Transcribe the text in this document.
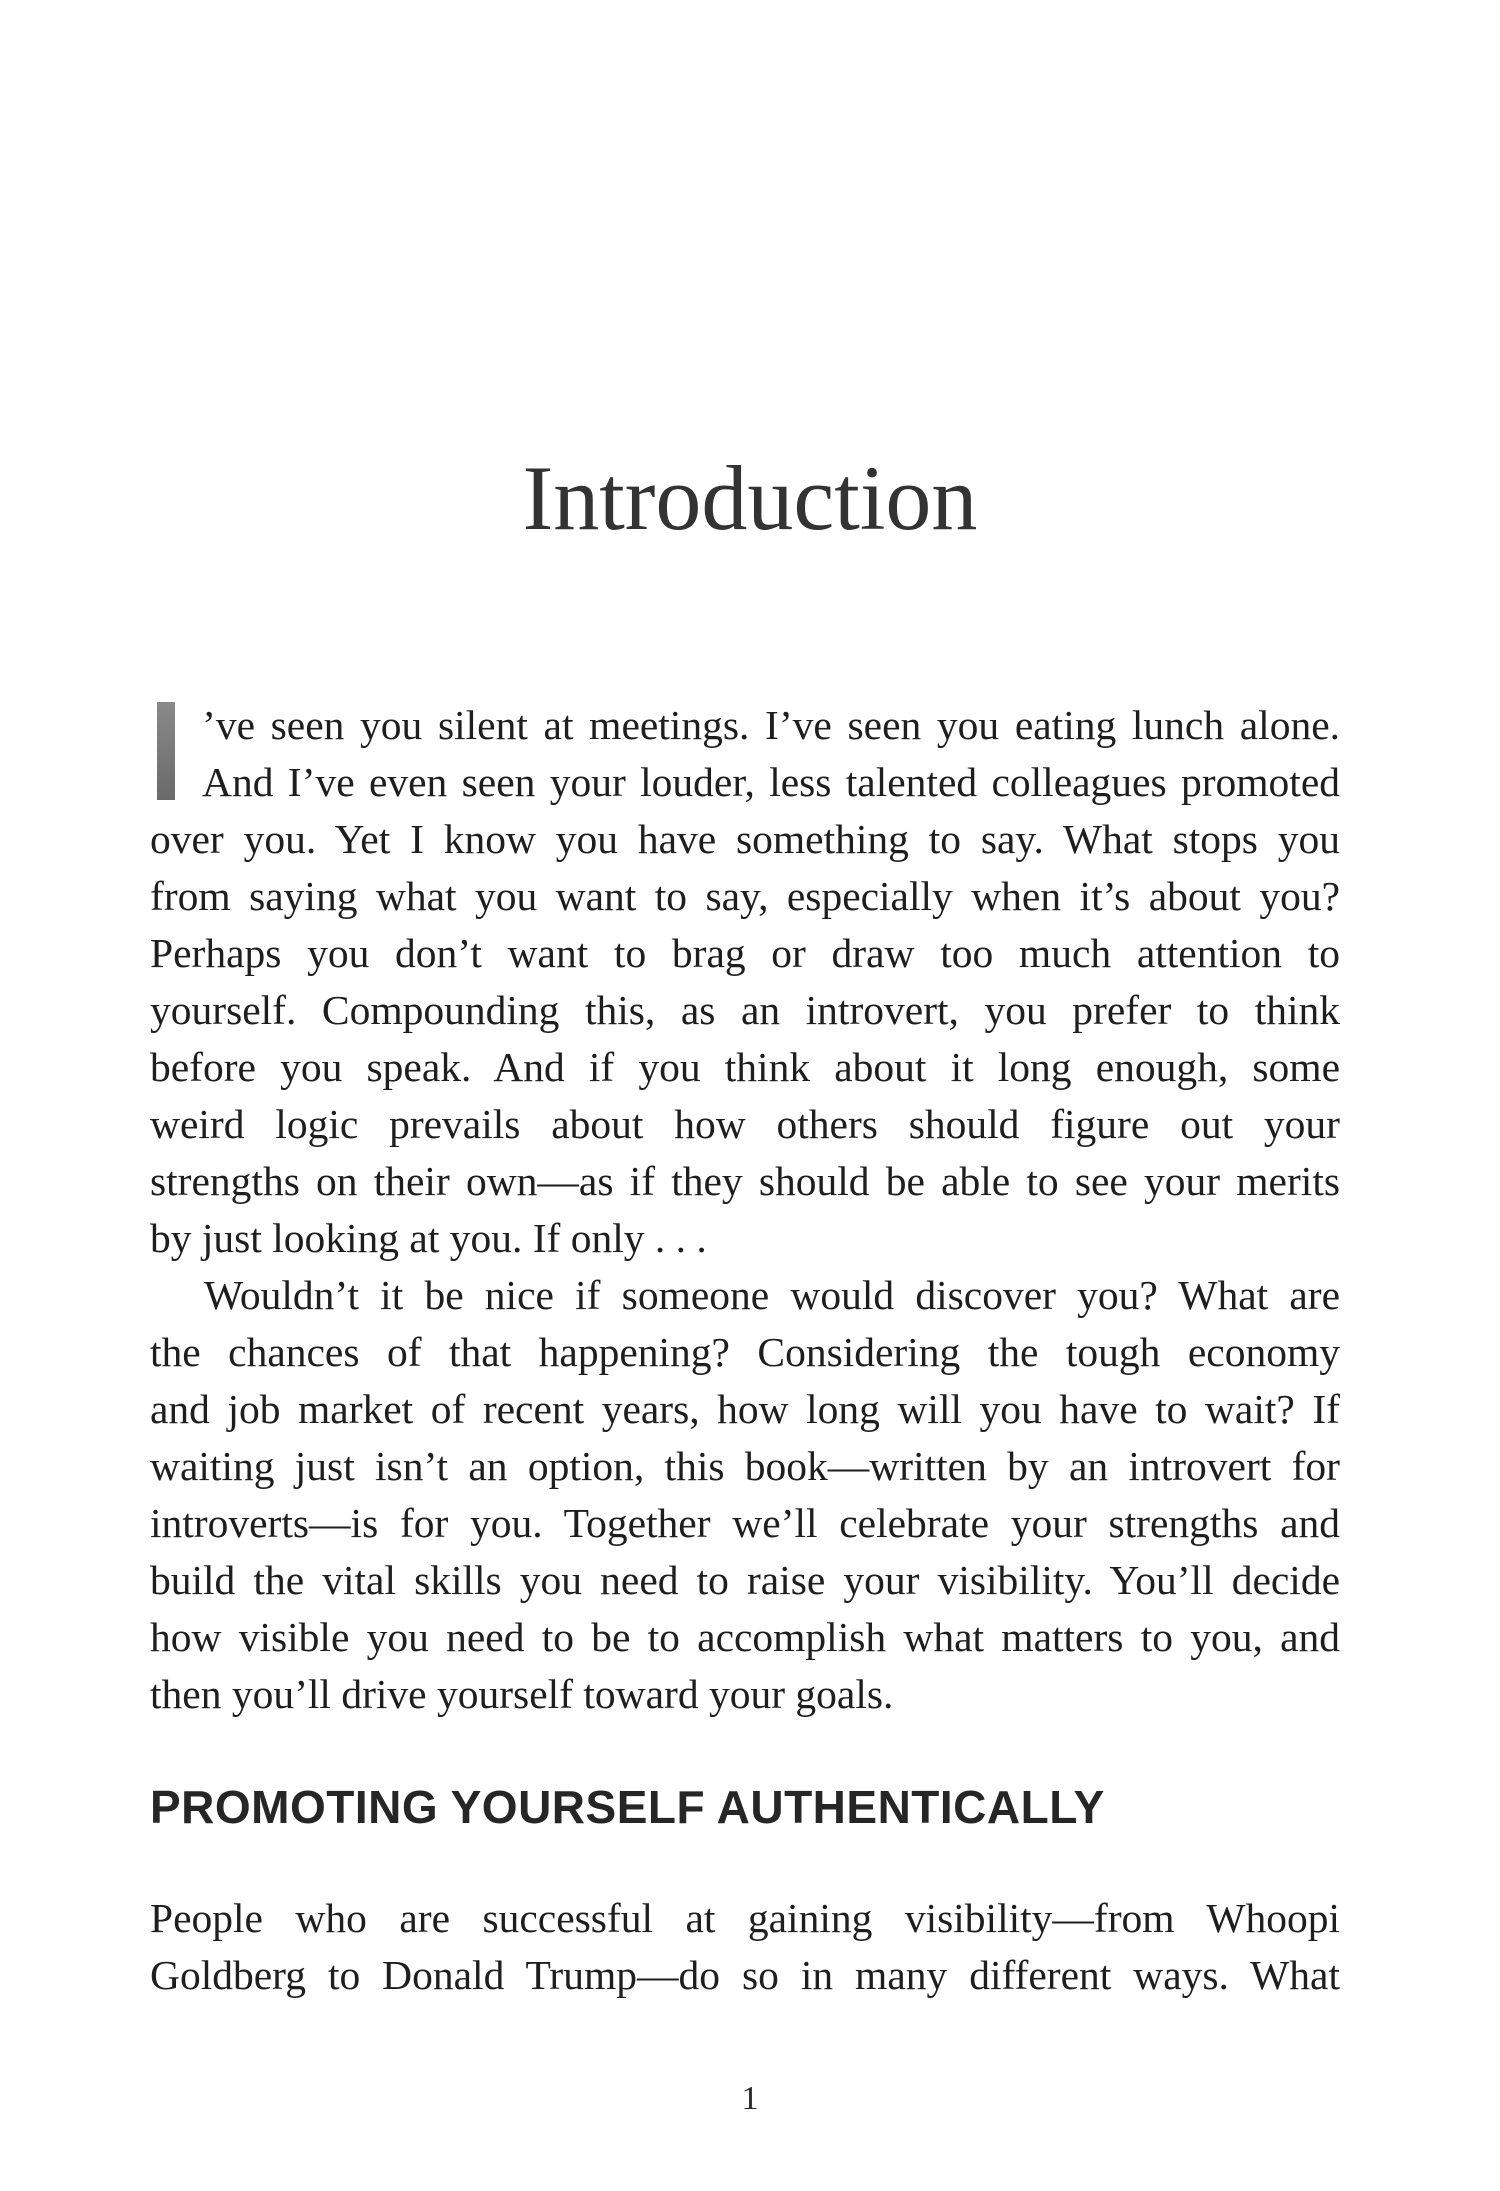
Introduction
’ve seen you silent at meetings. I’ve seen you eating lunch alone.
And I’ve even seen your louder, less talented colleagues promoted
over you. Yet I know you have something to say. What stops you
from saying what you want to say, especially when it’s about you?
Perhaps you don’t want to brag or draw too much attention to
yourself. Compounding this, as an introvert, you prefer to think
before you speak. And if you think about it long enough, some
weird logic prevails about how others should figure out your
strengths on their own—as if they should be able to see your merits
by just looking at you. If only . . .
Wouldn’t it be nice if someone would discover you? What are
the chances of that happening? Considering the tough economy
and job market of recent years, how long will you have to wait? If
waiting just isn’t an option, this book—written by an introvert for
introverts—is for you. Together we’ll celebrate your strengths and
build the vital skills you need to raise your visibility. You’ll decide
how visible you need to be to accomplish what matters to you, and
then you’ll drive yourself toward your goals.
PROMOTING YOURSELF AUTHENTICALLY
People who are successful at gaining visibility—from Whoopi
Goldberg to Donald Trump—do so in many different ways. What
1
